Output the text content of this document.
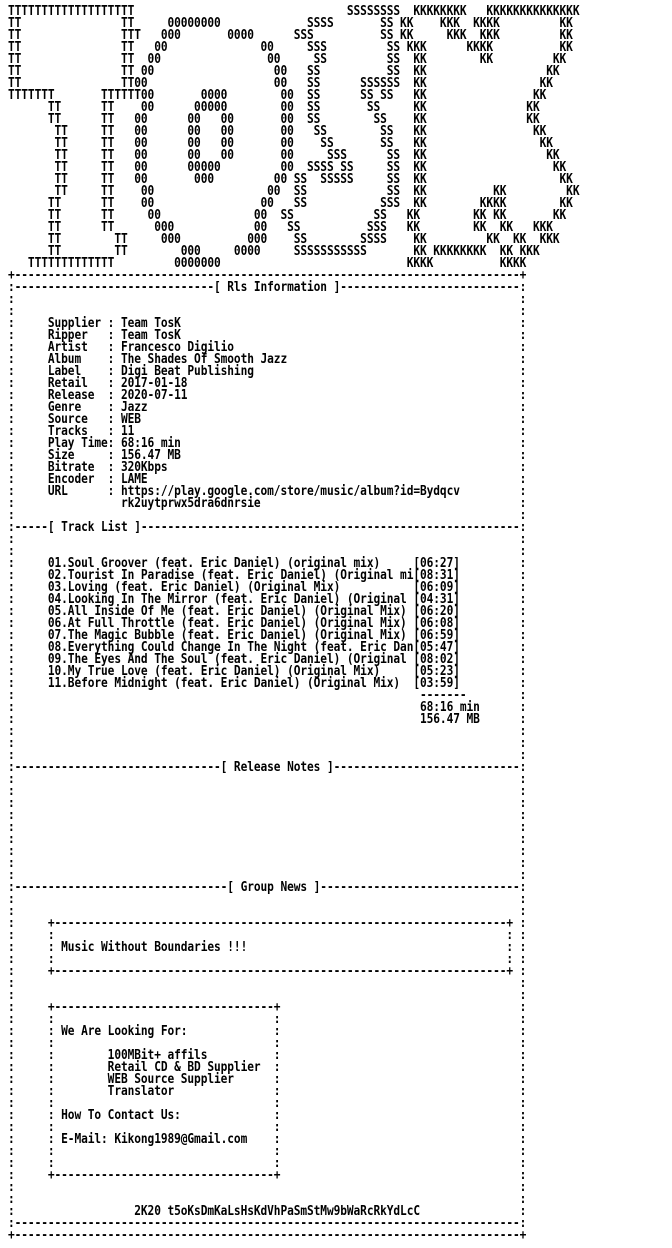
TTTTTTTTTTTTTTTTTTT                                SSSSSSSS  KKKKKKKK   KKKKKKKKKKKKKK
TT               TT     00000000             SSSS       SS KK    KKK  KKKK         KK
TT               TTT   000       0000      SSS          SS KK     KKK  KKK         KK
TT               TT   00              00     SSS         SS KKK      KKKK          KK
TT               TT  00                00     SS         SS  KK        KK         KK
TT               TT 00                  00   SS          SS  KK                  KK
TT               TT00                   00   SS      SSSSSS  KK                 KK
TTTTTTT       TTTTTT00       0000        00  SS      SS SS   KK                KK
TT      TT    00      00000        00  SS       SS     KK               KK
TT      TT   00      00   00       00  SS        SS    KK               KK
TT     TT   00      00   00       00   SS        SS   KK                KK
TT     TT   00      00   00       00    SS       SS   KK                 KK
TT     TT   00      00   00       00     SSS      SS  KK                  KK
TT     TT   00      00000         00  SSSS SS     SS  KK                   KK
TT     TT   00       000         00 SS  SSSSS     SS  KK                    KK
TT     TT    00                 00  SS            SS  KK          KK         KK
TT      TT    00                00   SS           SSS  KK        KKKK        KK
TT      TT     00              00  SS            SS   KK        KK KK       KK
TT      TT      000            00   SS          SSS   KK        KK  KK   KKK
TT        TT     000          000    SS        SSSS    KK         KK  KK  KKK
TT        TT        000     0000     SSSSSSSSSSS       KK KKKKKKKK  KK KKK
TTTTTTTTTTTTT         0000000                            KKKK          KKKK
+----------------------------------------------------------------------------+
:------------------------------[ Rls Information ]---------------------------:
:                                                                            :
:                                                                            :
:     Supplier : Team TosK                                                   :
:     Ripper   : Team TosK                                                   :
:     Artist   : Francesco Digilio                                           :
:     Album    : The Shades Of Smooth Jazz                                   :
:     Label    : Digi Beat Publishing                                        :
:     Retail   : 2017-01-18                                                  :
:     Release  : 2020-07-11                                                  :
:     Genre    : Jazz                                                        :
:     Source   : WEB                                                         :
:     Tracks   : 11                                                          :
:     Play Time: 68:16 min                                                   :
:     Size     : 156.47 MB                                                   :
:     Bitrate  : 320Kbps                                                     :
:     Encoder  : LAME                                                        :
:     URL      : https://play.google.com/store/music/album?id=Bydqcv         :
:                rk2uytprwx5dra6dnrsie                                       :
:                                                                            :
:-----[ Track List ]---------------------------------------------------------:
:                                                                            :
:                                                                            :
:     01.Soul Groover (feat. Eric Daniel) (original mix)     [06:27]         :
:     02.Tourist In Paradise (feat. Eric Daniel) (Original mi[08:31]         :
:     03.Loving (feat. Eric Daniel) (Original Mix)           [06:09]         :
:     04.Looking In The Mirror (feat. Eric Daniel) (Original [04:31]         :
:     05.All Inside Of Me (feat. Eric Daniel) (Original Mix) [06:20]         :
:     06.At Full Throttle (feat. Eric Daniel) (Original Mix) [06:08]         :
:     07.The Magic Bubble (feat. Eric Daniel) (Original Mix) [06:59]         :
:     08.Everything Could Change In The Night (feat. Eric Dan[05:47]         :
:     09.The Eyes And The Soul (feat. Eric Daniel) (Original [08:02]         :
:     10.My True Love (feat. Eric Daniel) (Original Mix)     [05:23]         :
:     11.Before Midnight (feat. Eric Daniel) (Original Mix)  [03:59]         :
:                                                             -------        :
:                                                             68:16 min      :
:                                                             156.47 MB      :
:                                                                            :
:                                                                            :
:                                                                            :
:-------------------------------[ Release Notes ]----------------------------:
:                                                                            :
:                                                                            :
:                                                                            :
:                                                                            :
:                                                                            :
:                                                                            :
:                                                                            :
:                                                                            :
:                                                                            :
:--------------------------------[ Group News ]------------------------------:
:                                                                            :
:                                                                            :
:     +--------------------------------------------------------------------+ :
:     :                                                                    : :
:     : Music Without Boundaries !!!                                       : :
:     :                                                                    : :
:     +--------------------------------------------------------------------+ :
:                                                                            :
:                                                                            :
:     +---------------------------------+                                    :
:     :                                 :                                    :
:     : We Are Looking For:             :                                    :
:     :                                 :                                    :
:     :        100MBit+ affils          :                                    :
:     :        Retail CD & BD Supplier  :                                    :
:     :        WEB Source Supplier      :                                    :
:     :        Translator               :                                    :
:     :                                 :                                    :
:     : How To Contact Us:              :                                    :
:     :                                 :                                    :
:     : E-Mail: Kikong1989@Gmail.com    :                                    :
:     :                                 :                                    :
:     :                                 :                                    :
:     +---------------------------------+                                    :
:                                                                            :
:                                                                            :
:                  2K20 t5oKsDmKaLsHsKdVhPaSmStMw9bWaRcRkYdLcC               :
:----------------------------------------------------------------------------:
+----------------------------------------------------------------------------+
